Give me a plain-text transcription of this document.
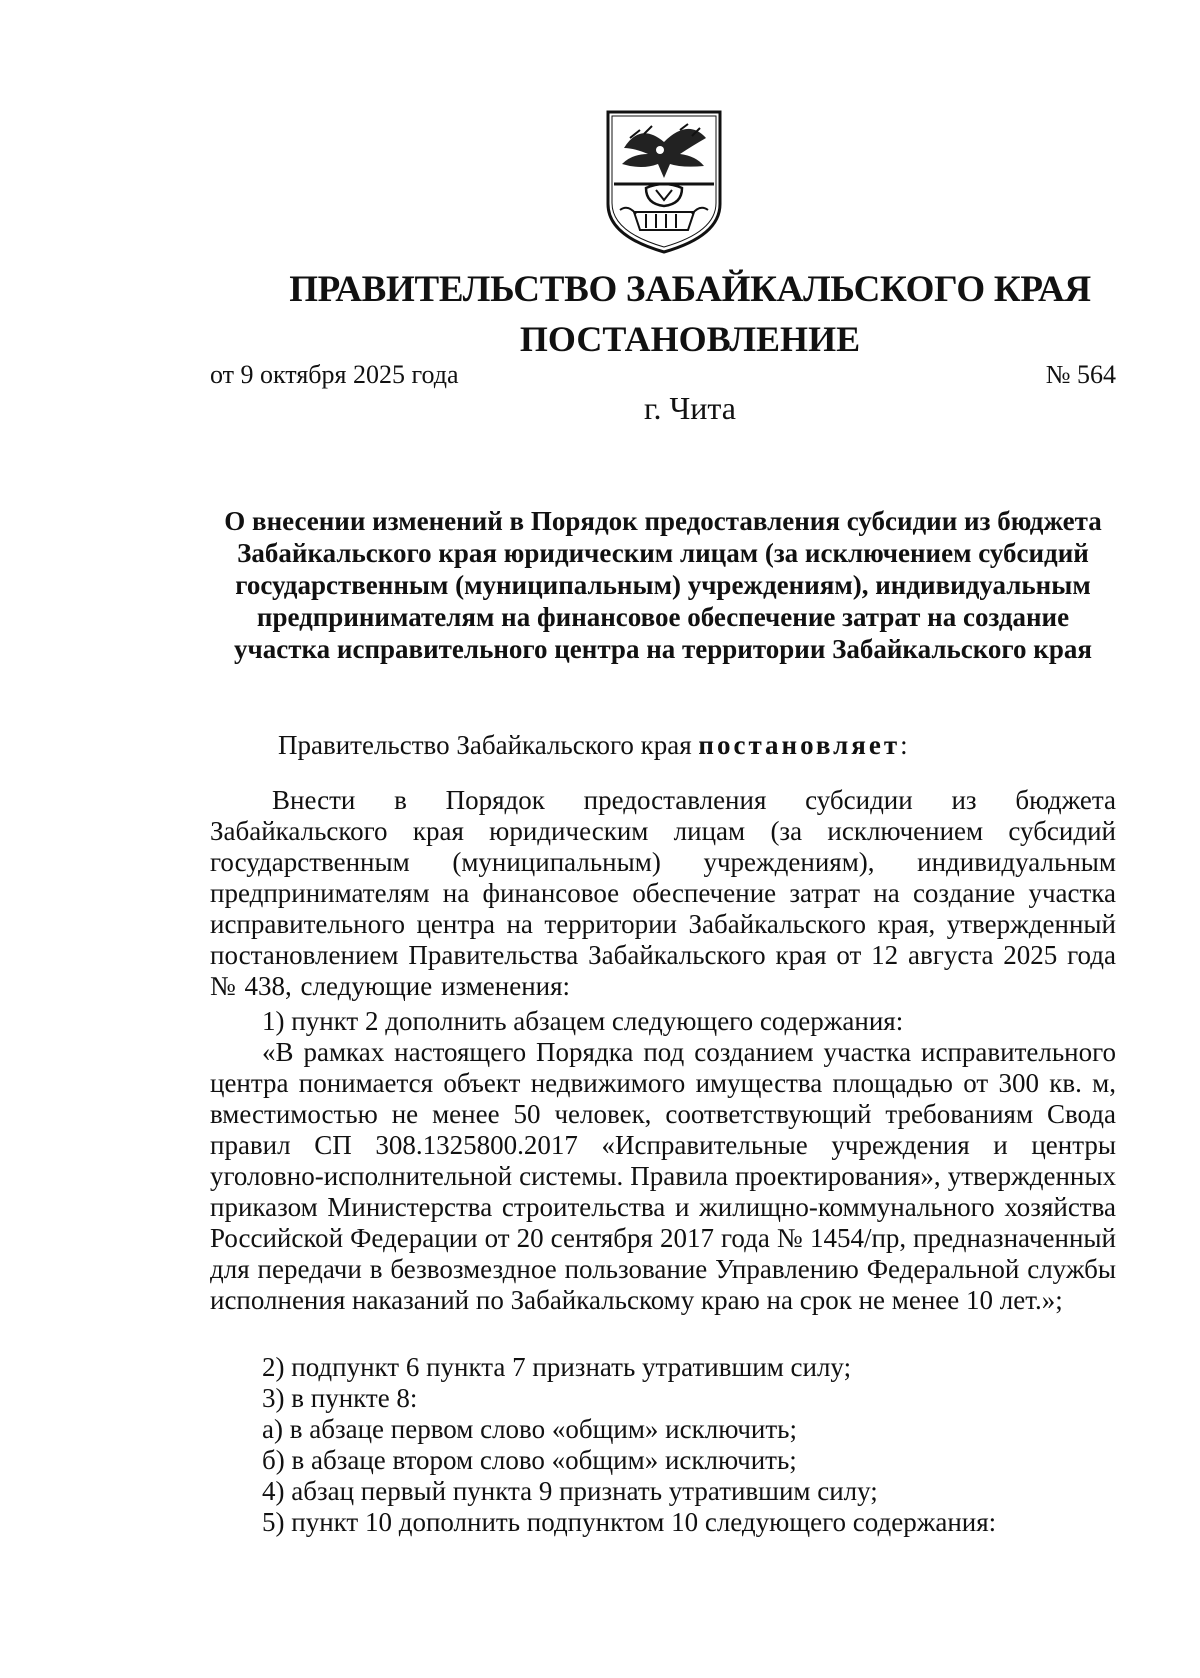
ПРАВИТЕЛЬСТВО ЗАБАЙКАЛЬСКОГО КРАЯ
ПОСТАНОВЛЕНИЕ
от 9 октября 2025 года	№ 564
г. Чита

О внесении изменений в Порядок предоставления субсидии из бюджета Забайкальского края юридическим лицам (за исключением субсидий государственным (муниципальным) учреждениям), индивидуальным предпринимателям на финансовое обеспечение затрат на создание участка исправительного центра на территории Забайкальского края

Правительство Забайкальского края постановляет:

Внести в Порядок предоставления субсидии из бюджета Забайкальского края юридическим лицам (за исключением субсидий государственным (муниципальным) учреждениям), индивидуальным предпринимателям на финансовое обеспечение затрат на создание участка исправительного центра на территории Забайкальского края, утвержденный постановлением Правительства Забайкальского края от 12 августа 2025 года № 438, следующие изменения:

1) пункт 2 дополнить абзацем следующего содержания:

«В рамках настоящего Порядка под созданием участка исправительного центра понимается объект недвижимого имущества площадью от 300 кв. м, вместимостью не менее 50 человек, соответствующий требованиям Свода правил СП 308.1325800.2017 «Исправительные учреждения и центры уголовно-исполнительной системы. Правила проектирования», утвержденных приказом Министерства строительства и жилищно-коммунального хозяйства Российской Федерации от 20 сентября 2017 года № 1454/пр, предназначенный для передачи в безвозмездное пользование Управлению Федеральной службы исполнения наказаний по Забайкальскому краю на срок не менее 10 лет.»;

2) подпункт 6 пункта 7 признать утратившим силу;

3) в пункте 8:

а) в абзаце первом слово «общим» исключить;

б) в абзаце втором слово «общим» исключить;

4) абзац первый пункта 9 признать утратившим силу;

5) пункт 10 дополнить подпунктом 10 следующего содержания:
